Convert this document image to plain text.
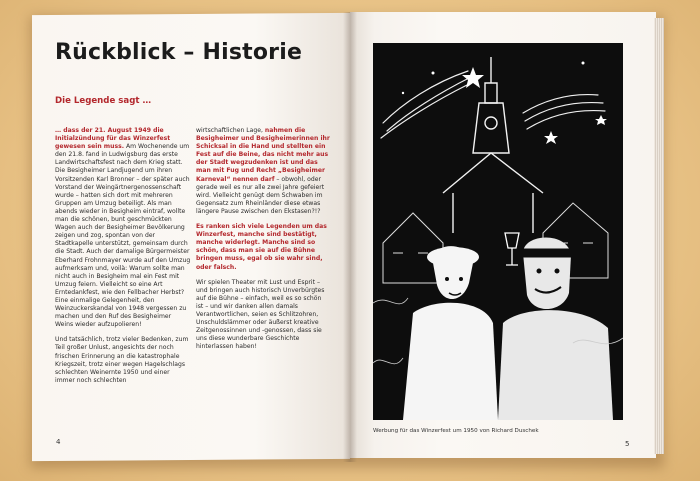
Rückblick – Historie
Die Legende sagt …

… dass der 21. August 1949 die Initialzündung für das Winzerfest gewesen sein muss. Am Wochenende um den 21.8. fand in Ludwigsburg das erste Landwirtschaftsfest nach dem Krieg statt. Die Besigheimer Landjugend um ihren Vorsitzenden Karl Bronner – der später auch Vorstand der Weingärtnergenossenschaft wurde – hatten sich dort mit mehreren Gruppen am Umzug beteiligt. Als man abends wieder in Besigheim eintraf, wollte man die schönen, bunt geschmückten Wagen auch der Besigheimer Bevölkerung zeigen und zog, spontan von der Stadtkapelle unterstützt, gemeinsam durch die Stadt. Auch der damalige Bürgermeister Eberhard Frohnmayer wurde auf den Umzug aufmerksam und, voilà: Warum sollte man nicht auch in Besigheim mal ein Fest mit Umzug feiern. Vielleicht so eine Art Erntedankfest, wie den Fellbacher Herbst? Eine einmalige Gelegenheit, den Weinzuckerskandal von 1948 vergessen zu machen und den Ruf des Besigheimer Weins wieder aufzupolieren!

Und tatsächlich, trotz vieler Bedenken, zum Teil großer Unlust, angesichts der noch frischen Erinnerung an die katastrophale Kriegszeit, trotz einer wegen Hagelschlags schlechten Weinernte 1950 und einer immer noch schlechten

wirtschaftlichen Lage, nahmen die Besigheimer und Besigheimerinnen ihr Schicksal in die Hand und stellten ein Fest auf die Beine, das nicht mehr aus der Stadt wegzudenken ist und das man mit Fug und Recht „Besigheimer Karneval“ nennen darf – obwohl, oder gerade weil es nur alle zwei Jahre gefeiert wird. Vielleicht genügt dem Schwaben im Gegensatz zum Rheinländer diese etwas längere Pause zwischen den Ekstasen?!?

Es ranken sich viele Legenden um das Winzerfest, manche sind bestätigt, manche widerlegt. Manche sind so schön, dass man sie auf die Bühne bringen muss, egal ob sie wahr sind, oder falsch.

Wir spielen Theater mit Lust und Esprit – und bringen auch historisch Unverbürgtes auf die Bühne – einfach, weil es so schön ist – und wir danken allen damals Verantwortlichen, seien es Schlitzohren, Unschuldslämmer oder äußerst kreative Zeitgenossinnen und -genossen, dass sie uns diese wunderbare Geschichte hinterlassen haben!

4
Werbung für das Winzerfest um 1950 von Richard Duschek
5
